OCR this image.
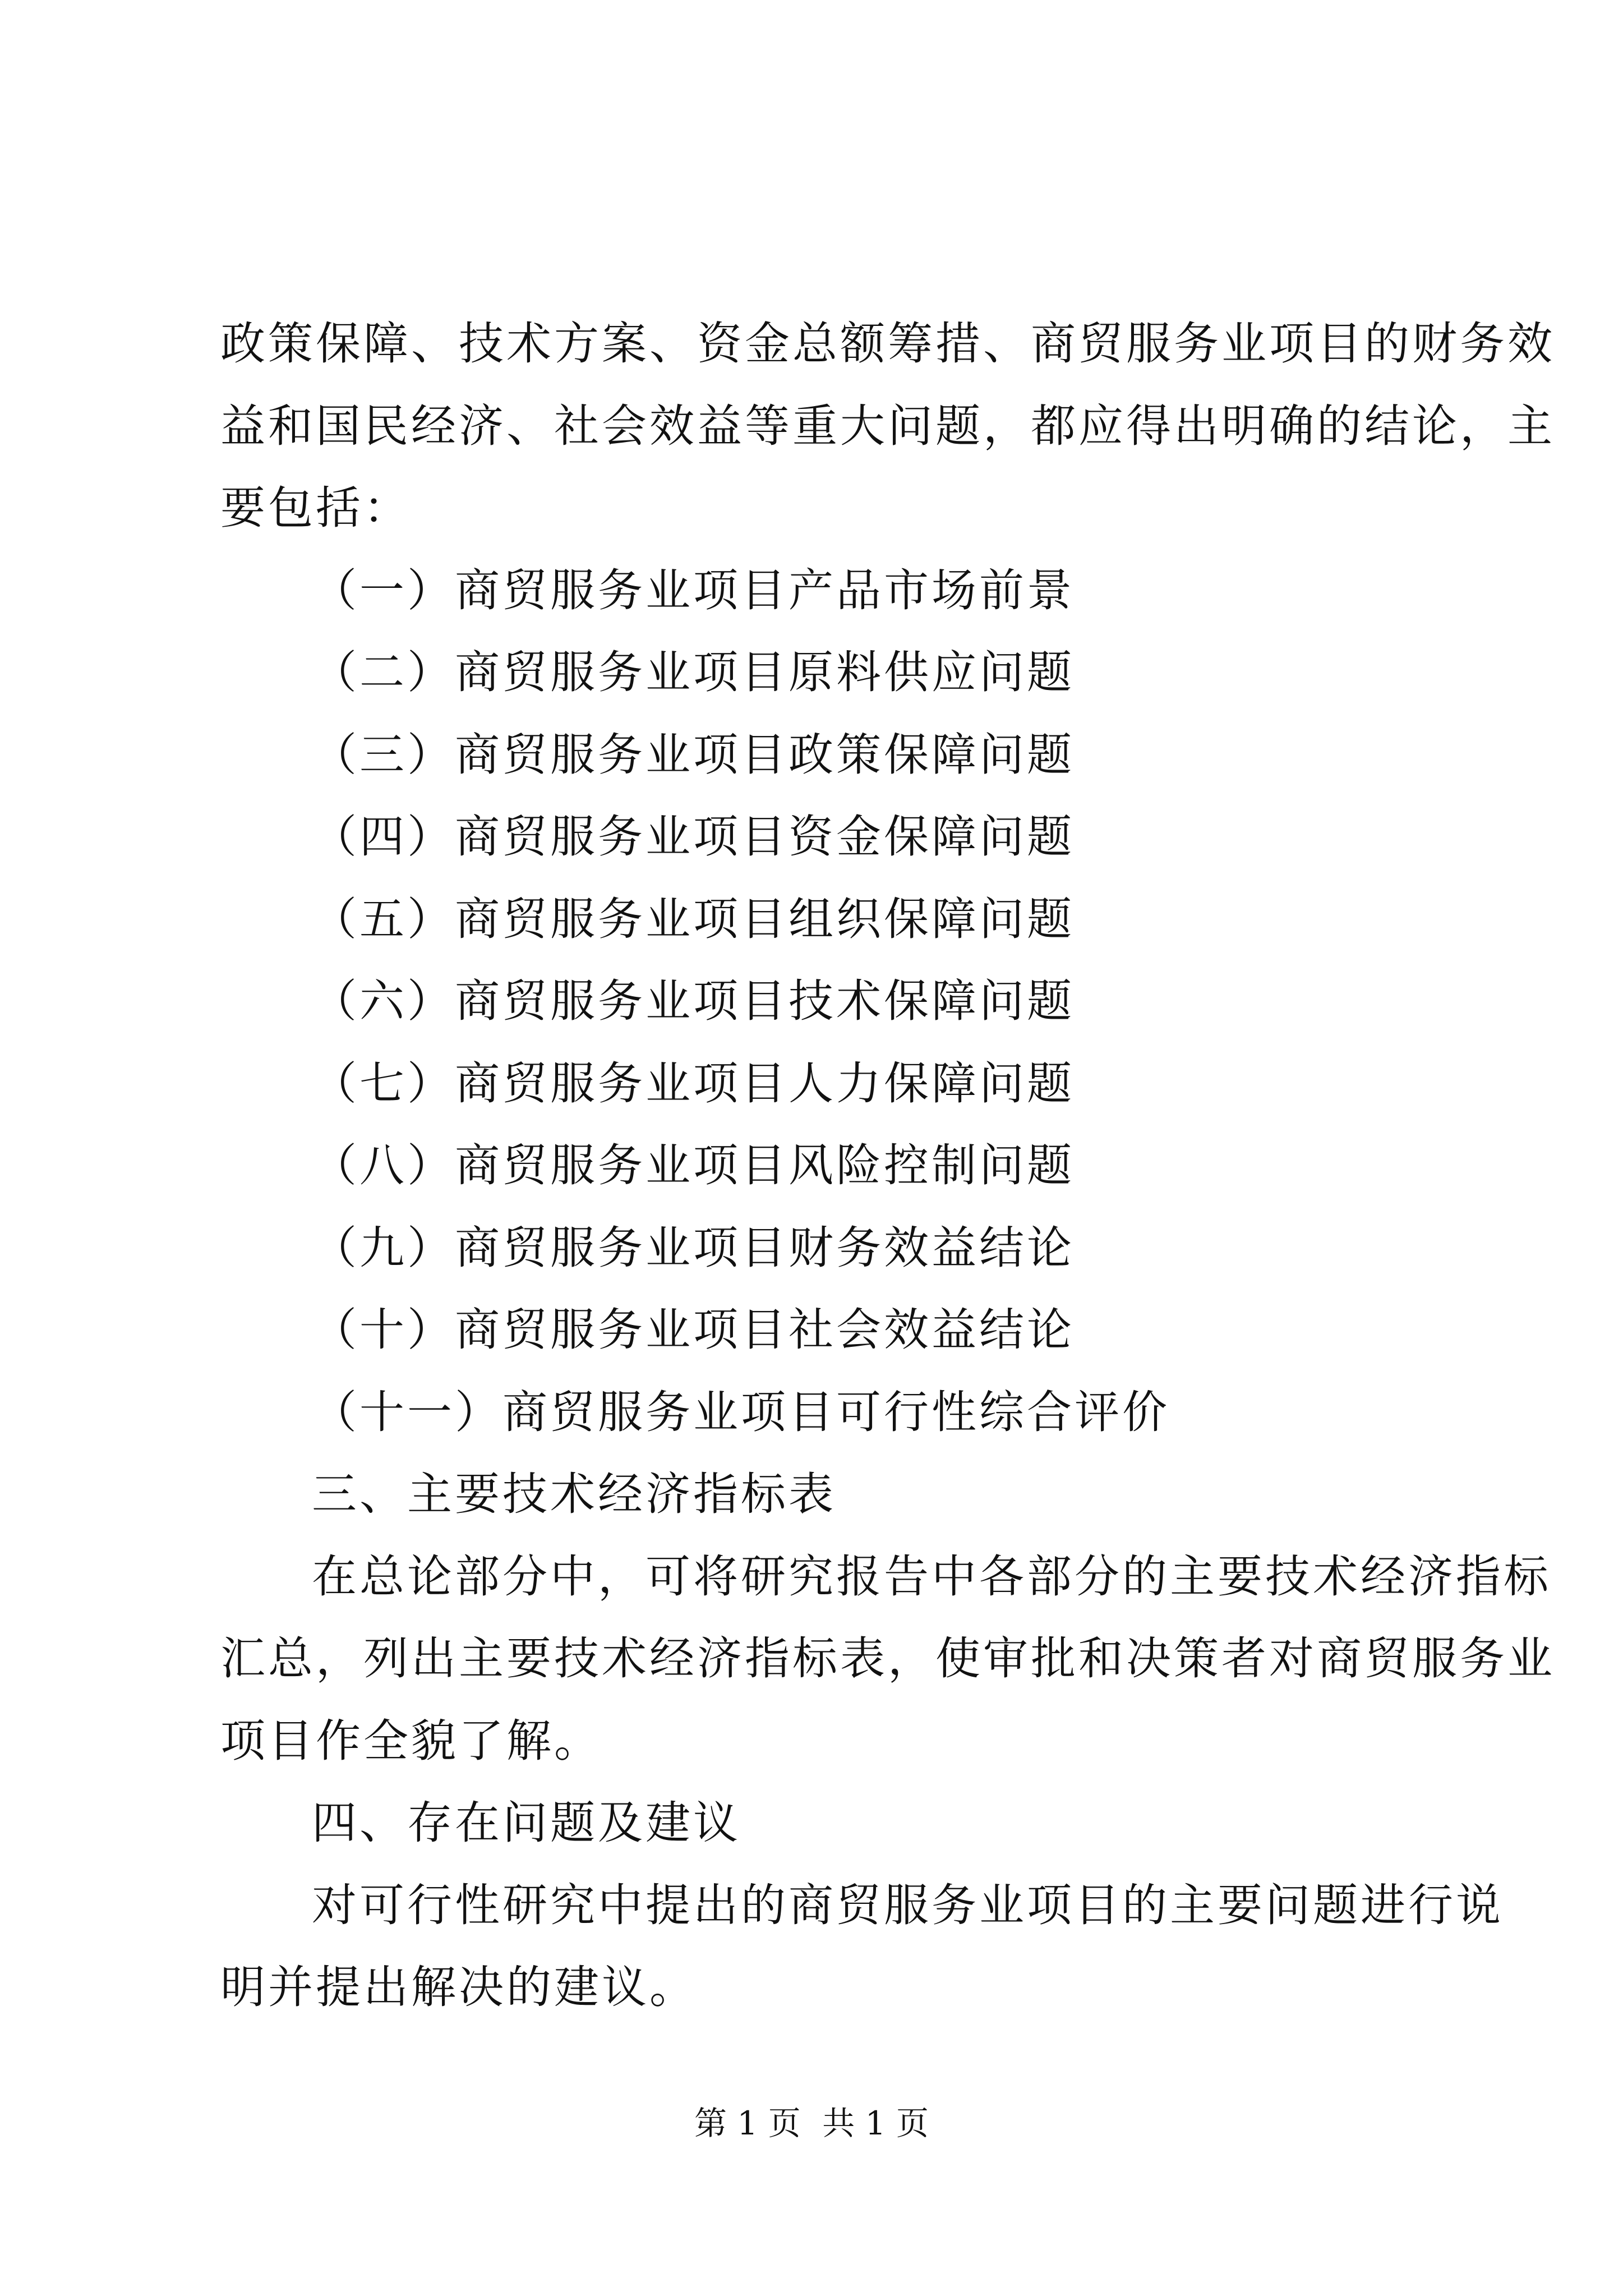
政策保障、技术方案、资金总额筹措、商贸服务业项目的财务效
益和国民经济、社会效益等重大问题，都应得出明确的结论，主
要包括：
（一）商贸服务业项目产品市场前景
（二）商贸服务业项目原料供应问题
（三）商贸服务业项目政策保障问题
（四）商贸服务业项目资金保障问题
（五）商贸服务业项目组织保障问题
（六）商贸服务业项目技术保障问题
（七）商贸服务业项目人力保障问题
（八）商贸服务业项目风险控制问题
（九）商贸服务业项目财务效益结论
（十）商贸服务业项目社会效益结论
（十一）商贸服务业项目可行性综合评价
三、主要技术经济指标表
在总论部分中，可将研究报告中各部分的主要技术经济指标
汇总，列出主要技术经济指标表，使审批和决策者对商贸服务业
项目作全貌了解。
四、存在问题及建议
对可行性研究中提出的商贸服务业项目的主要问题进行说
明并提出解决的建议。
第 1 页 共 1 页
